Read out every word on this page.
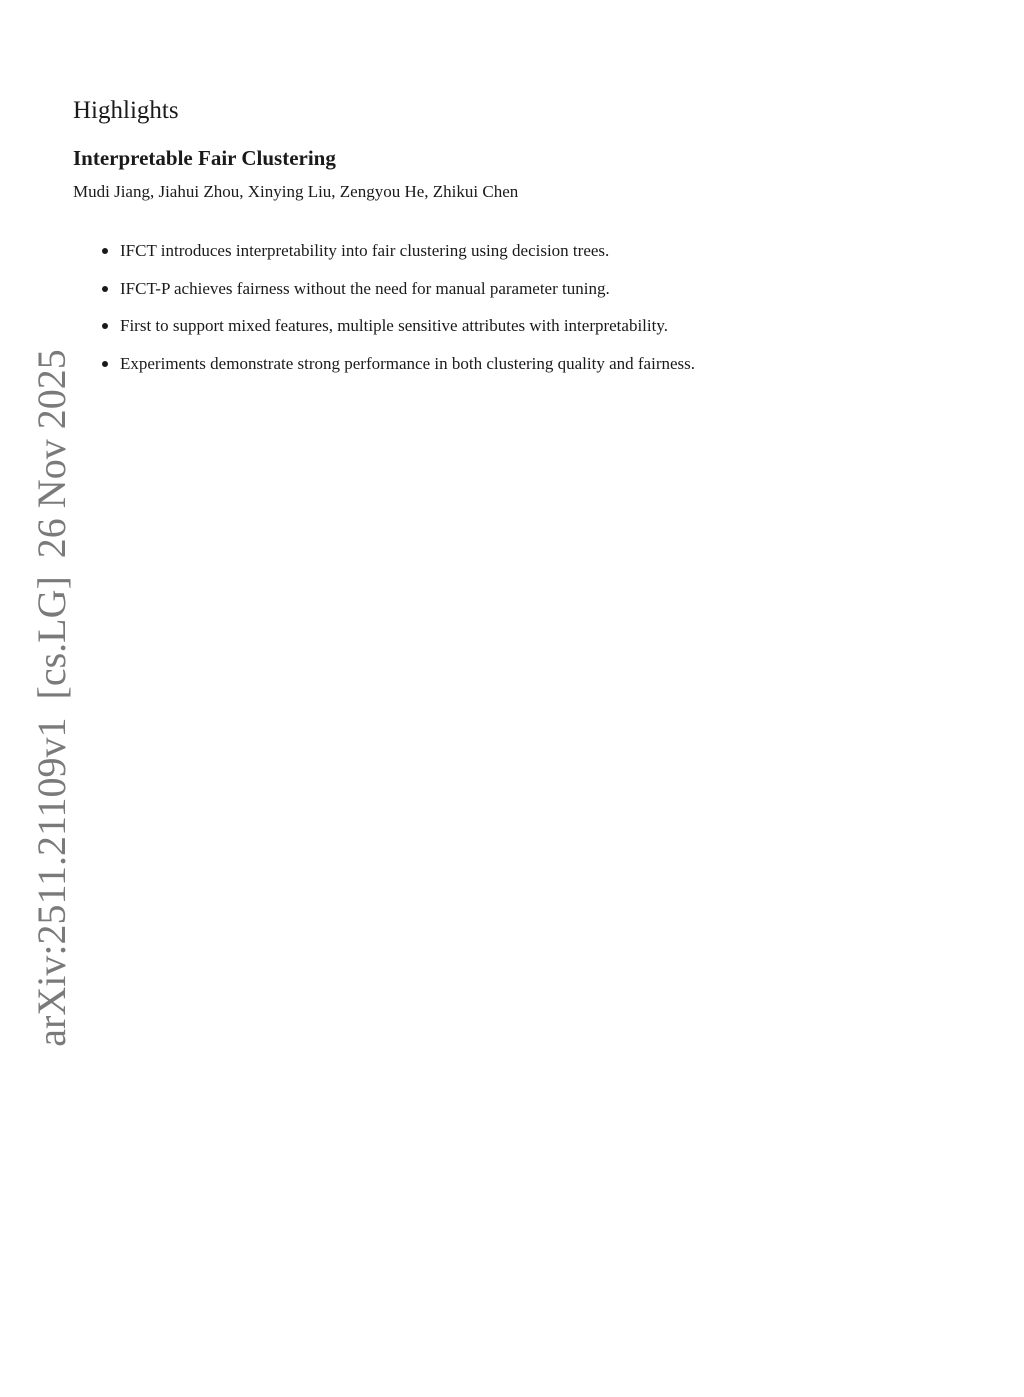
arXiv:2511.21109v1[cs.LG]26 Nov 2025
Highlights
Interpretable Fair Clustering

Mudi Jiang, Jiahui Zhou, Xinying Liu, Zengyou He, Zhikui Chen

IFCT introduces interpretability into fair clustering using decision trees.
IFCT-P achieves fairness without the need for manual parameter tuning.
First to support mixed features, multiple sensitive attributes with interpretability.
Experiments demonstrate strong performance in both clustering quality and fairness.
